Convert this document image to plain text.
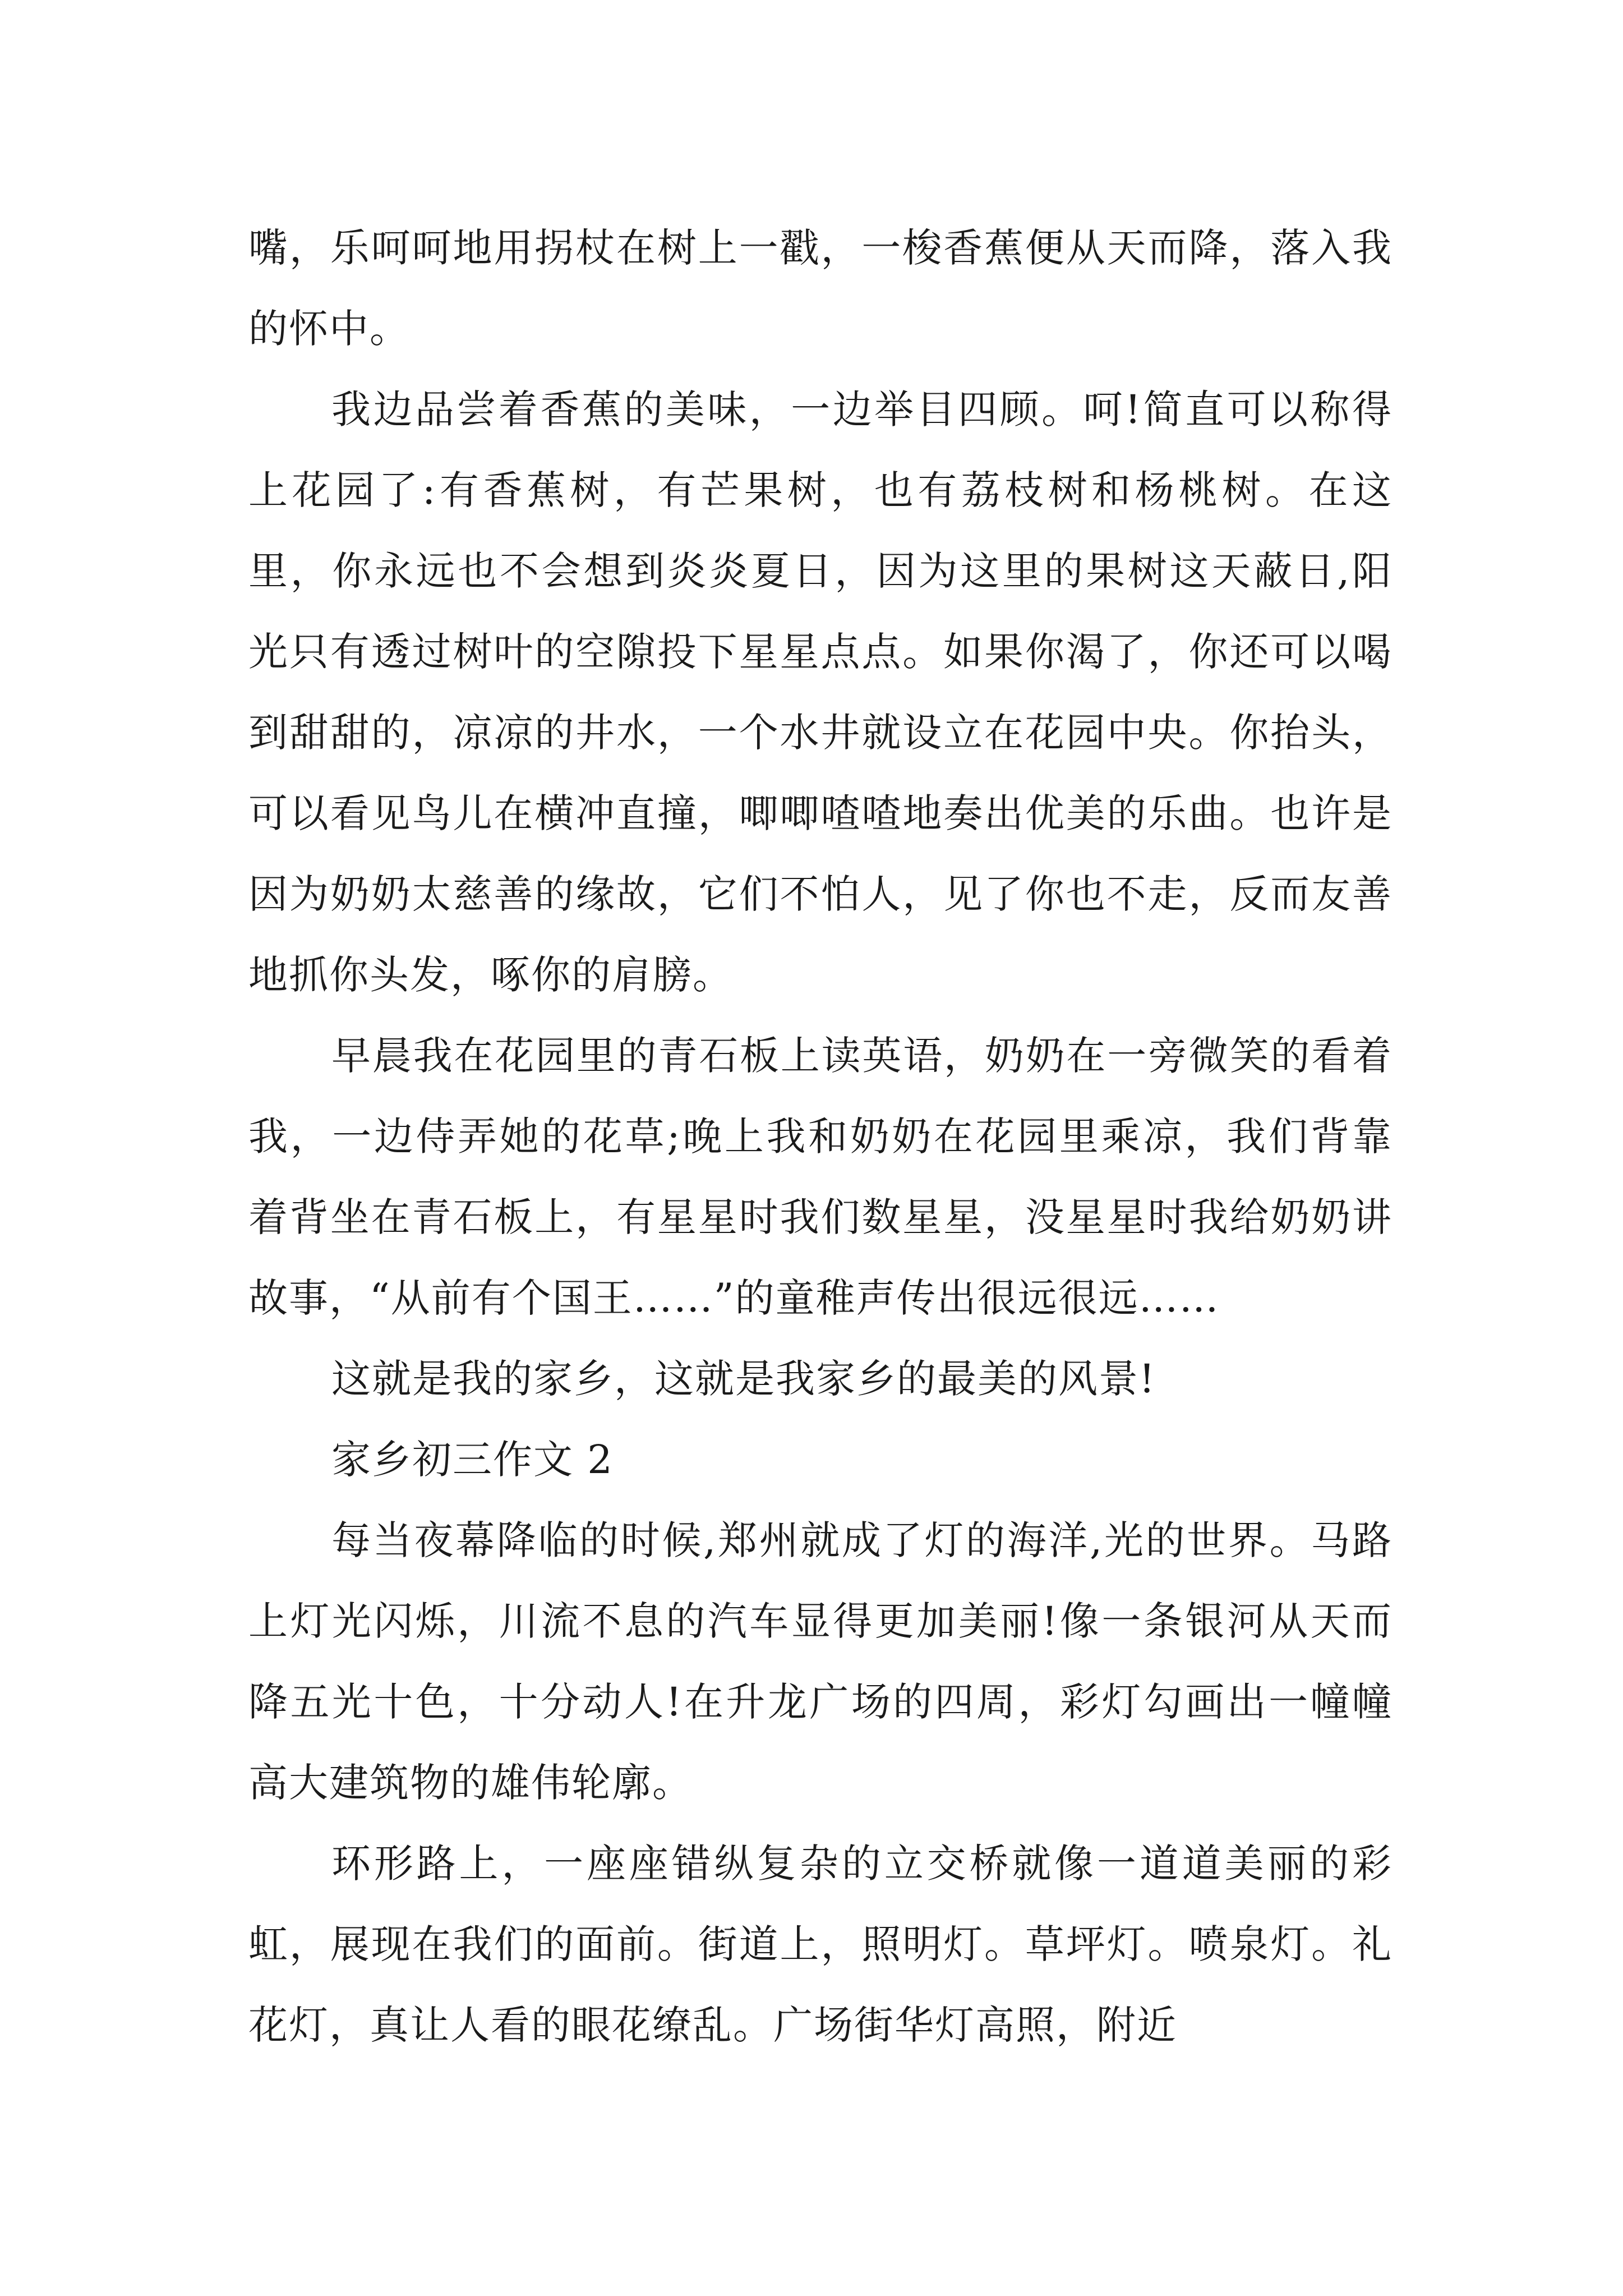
嘴，乐呵呵地用拐杖在树上一戳，一梭香蕉便从天而降，落入我的怀中。

我边品尝着香蕉的美味，一边举目四顾。呵!简直可以称得上花园了:有香蕉树，有芒果树，也有荔枝树和杨桃树。在这里，你永远也不会想到炎炎夏日，因为这里的果树这天蔽日,阳光只有透过树叶的空隙投下星星点点。如果你渴了，你还可以喝到甜甜的，凉凉的井水，一个水井就设立在花园中央。你抬头，可以看见鸟儿在横冲直撞，唧唧喳喳地奏出优美的乐曲。也许是因为奶奶太慈善的缘故，它们不怕人，见了你也不走，反而友善地抓你头发，啄你的肩膀。

早晨我在花园里的青石板上读英语，奶奶在一旁微笑的看着我，一边侍弄她的花草;晚上我和奶奶在花园里乘凉，我们背靠着背坐在青石板上，有星星时我们数星星，没星星时我给奶奶讲故事，“从前有个国王……”的童稚声传出很远很远……

这就是我的家乡，这就是我家乡的最美的风景!

家乡初三作文 2

每当夜幕降临的时候,郑州就成了灯的海洋,光的世界。马路上灯光闪烁，川流不息的汽车显得更加美丽!像一条银河从天而降五光十色，十分动人!在升龙广场的四周，彩灯勾画出一幢幢高大建筑物的雄伟轮廓。

环形路上，一座座错纵复杂的立交桥就像一道道美丽的彩虹，展现在我们的面前。街道上，照明灯。草坪灯。喷泉灯。礼花灯，真让人看的眼花缭乱。广场街华灯高照，附近
